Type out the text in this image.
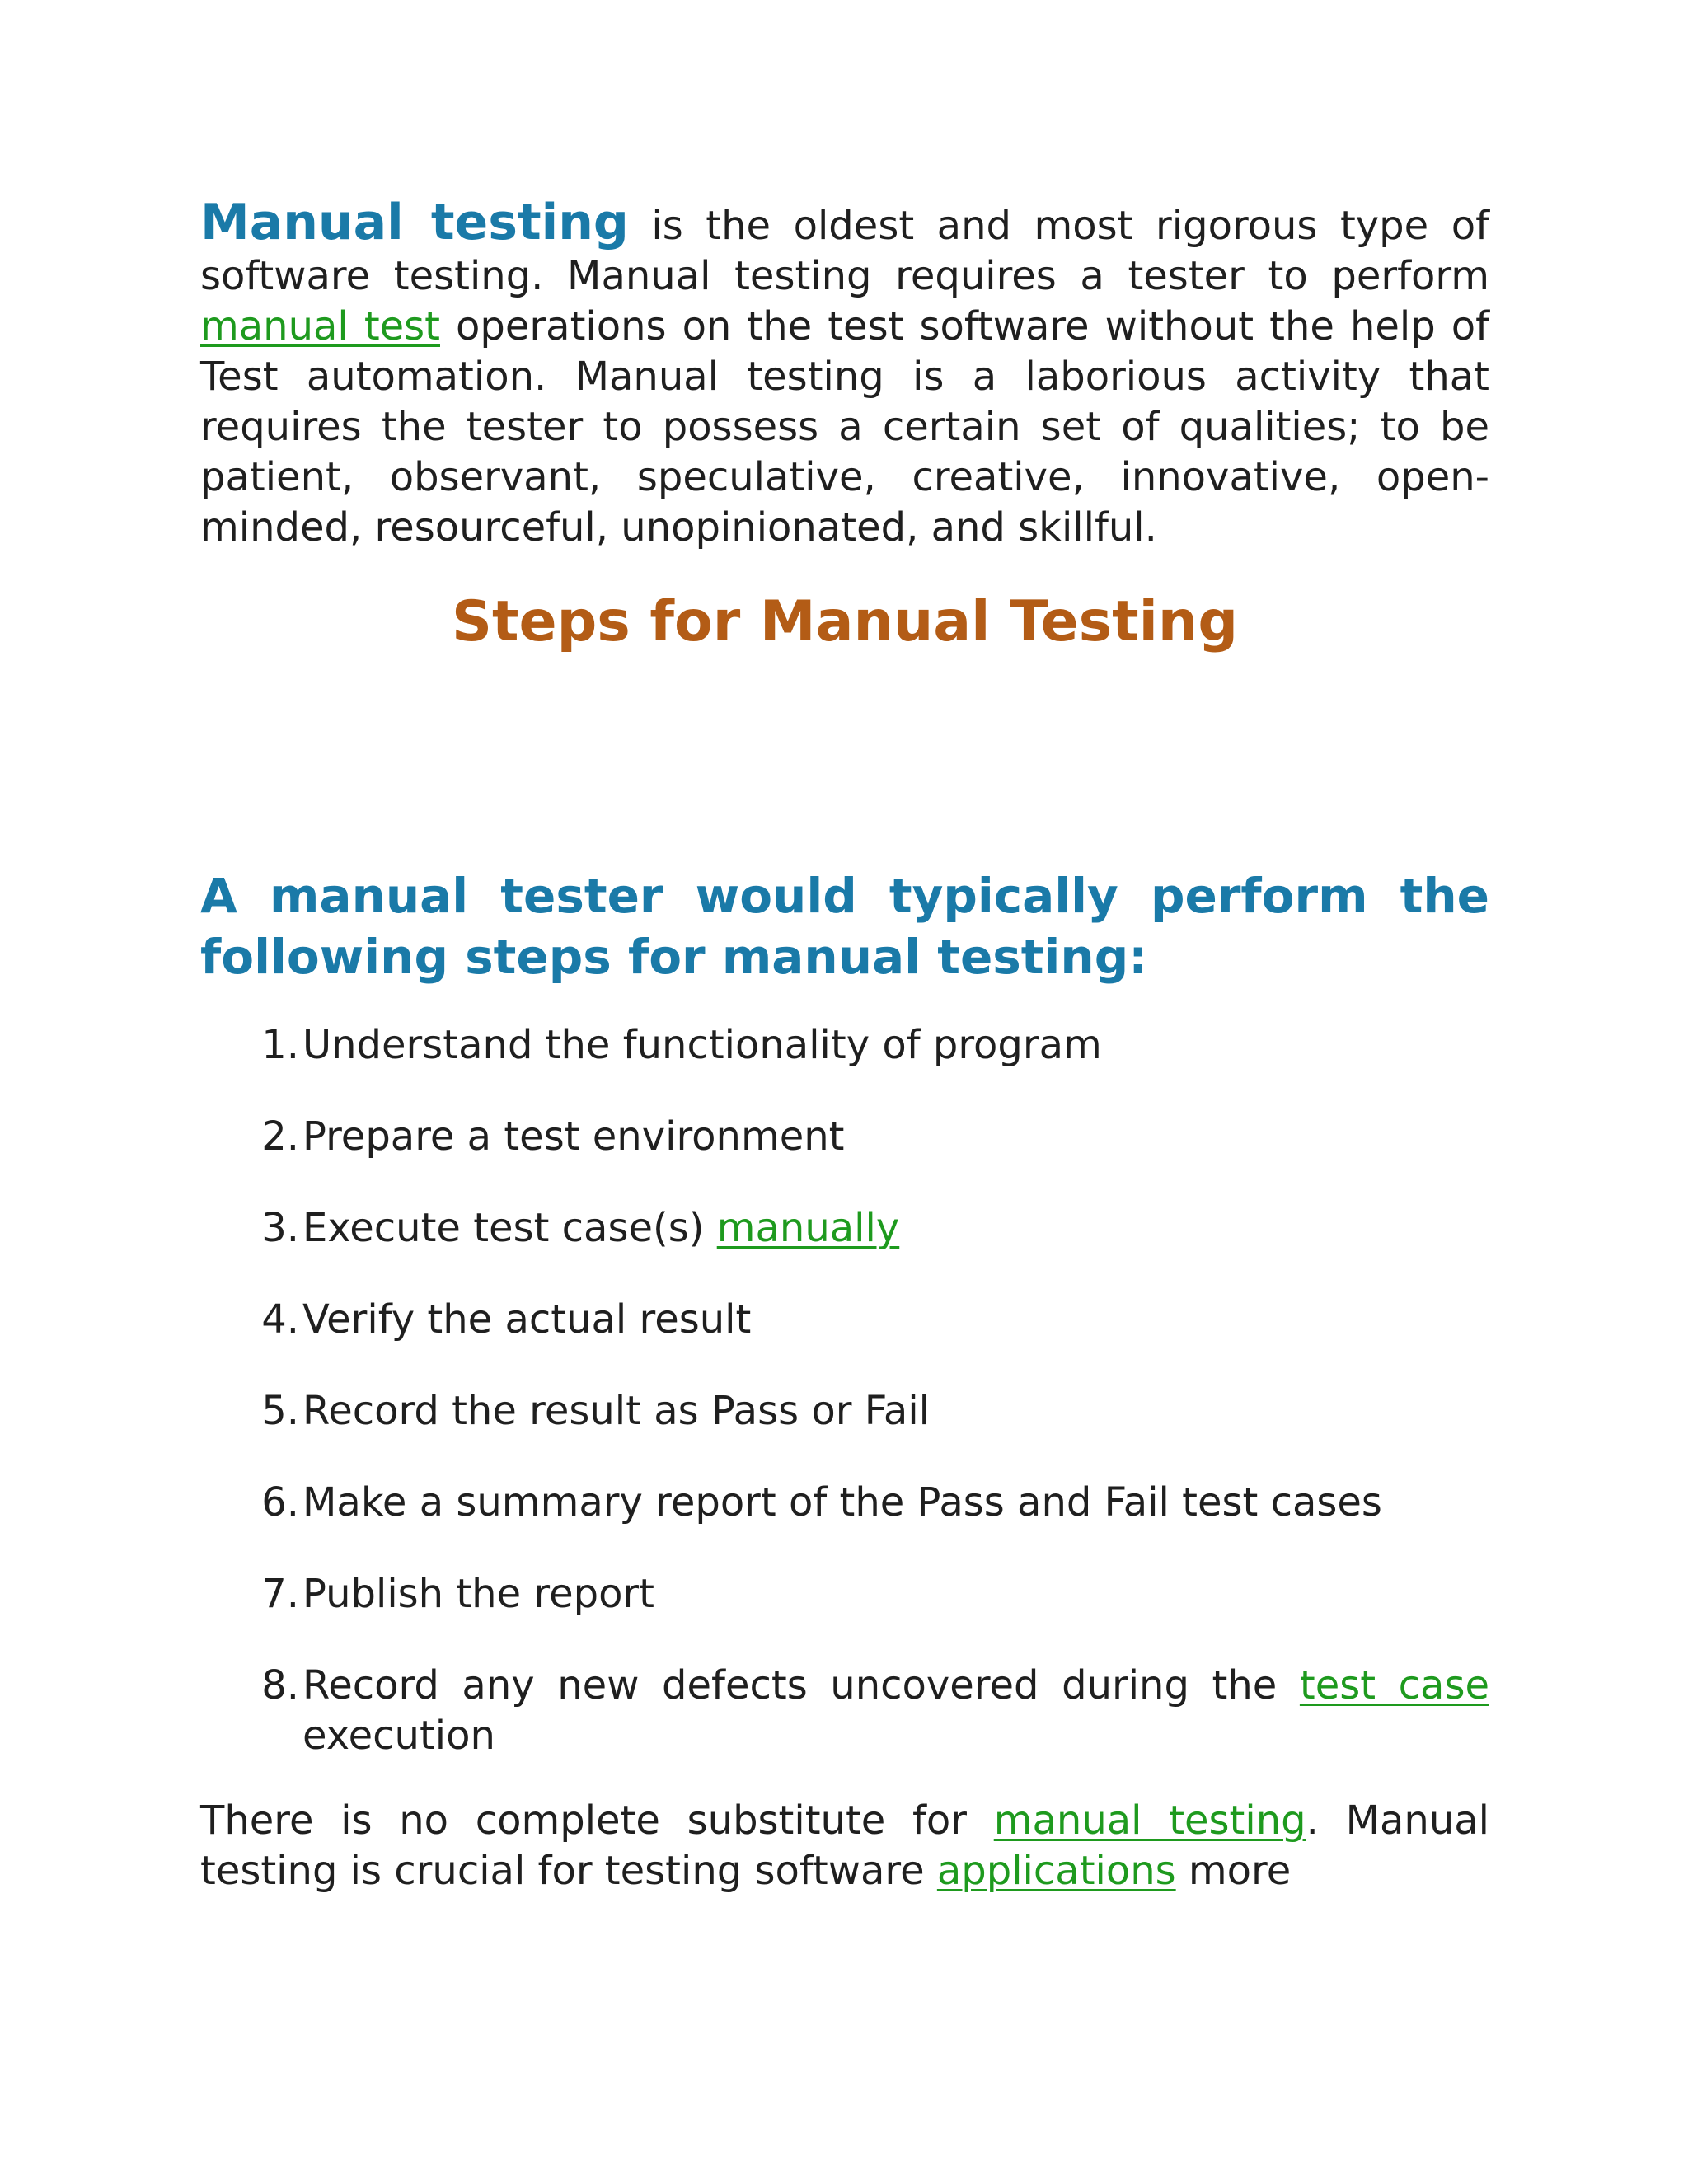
Manual testing is the oldest and most rigorous type of software testing. Manual testing requires a tester to perform manual test operations on the test software without the help of Test automation. Manual testing is a laborious activity that requires the tester to possess a certain set of qualities; to be patient, observant, speculative, creative, innovative, open-minded, resourceful, unopinionated, and skillful.

Steps for Manual Testing
A manual tester would typically perform the following steps for manual testing:
1. Understand the functionality of program
2. Prepare a test environment
3. Execute test case(s) manually
4. Verify the actual result
5. Record the result as Pass or Fail
6. Make a summary report of the Pass and Fail test cases
7. Publish the report
8. Record any new defects uncovered during the test case execution

There is no complete substitute for manual testing. Manual testing is crucial for testing software applications more
